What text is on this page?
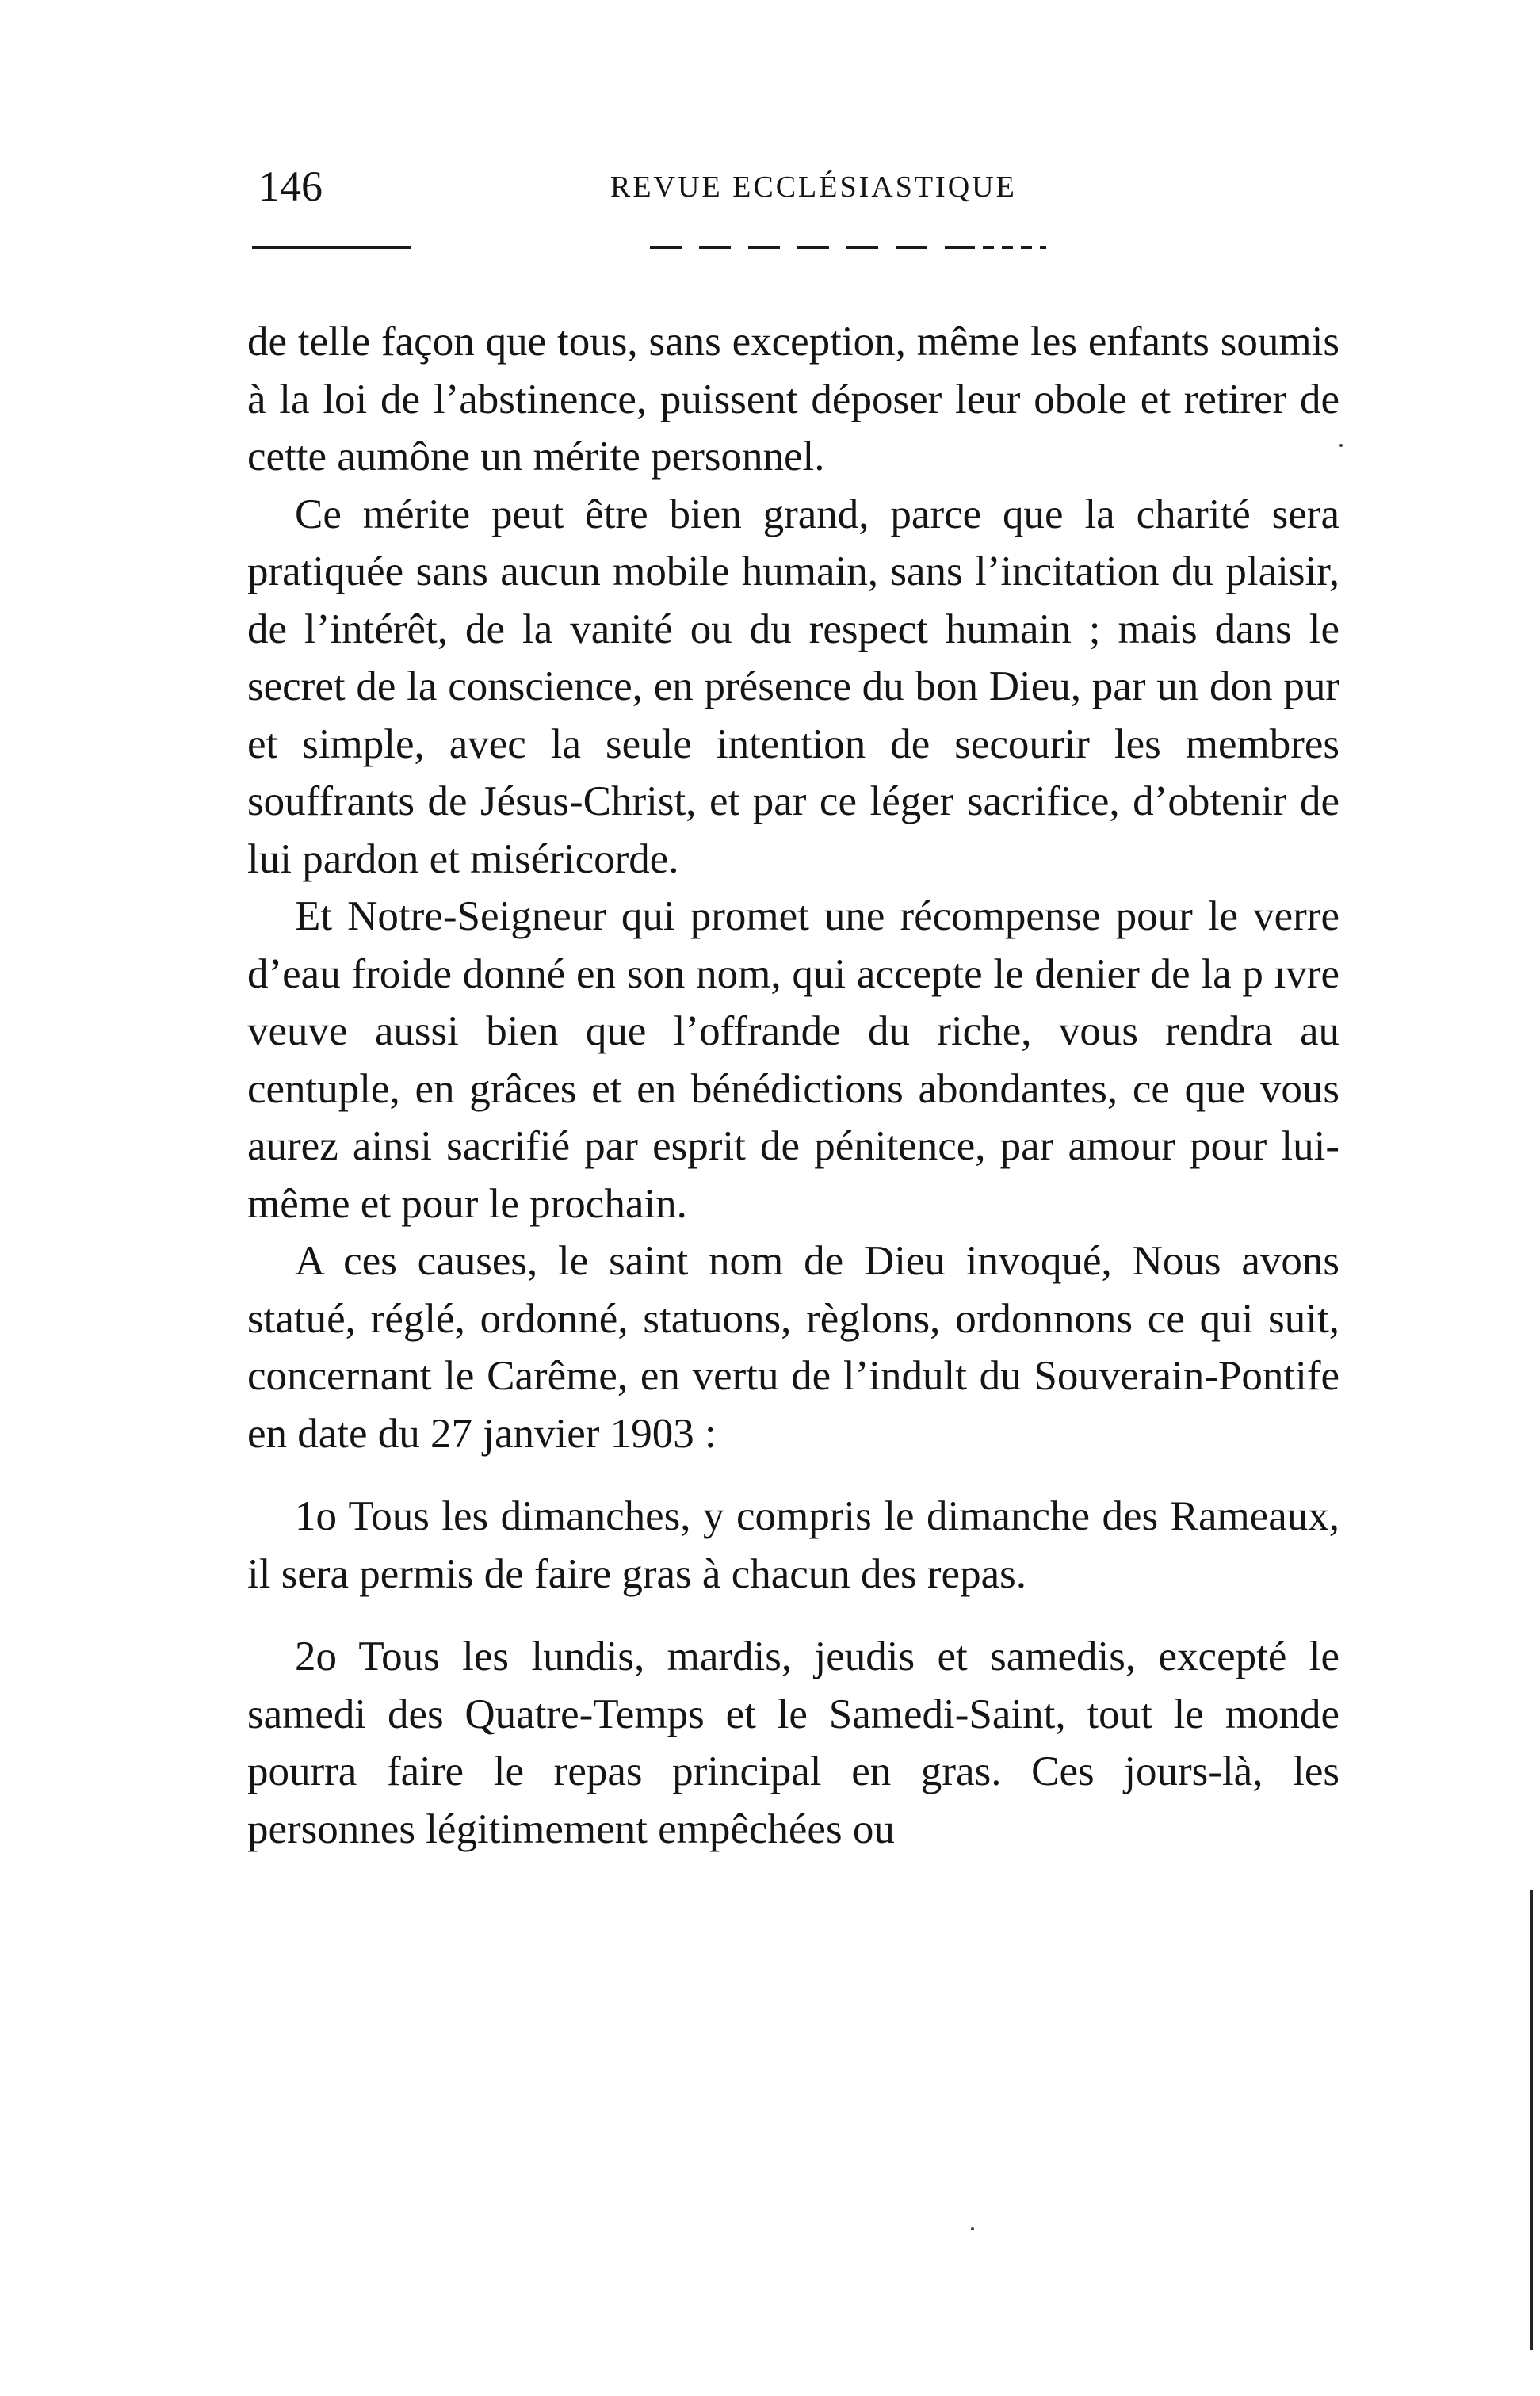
146	REVUE ECCLÉSIASTIQUE

de telle façon que tous, sans exception, même les enfants soumis à la loi de l’abstinence, puissent déposer leur obole et retirer de cette aumône un mérite personnel.

Ce mérite peut être bien grand, parce que la charité sera pratiquée sans aucun mobile humain, sans l’incitation du plaisir, de l’intérêt, de la vanité ou du respect humain ; mais dans le secret de la conscience, en présence du bon Dieu, par un don pur et simple, avec la seule intention de secourir les membres souffrants de Jésus-Christ, et par ce léger sacrifice, d’obtenir de lui pardon et miséricorde.

Et Notre-Seigneur qui promet une récompense pour le verre d’eau froide donné en son nom, qui accepte le denier de la p ıvre veuve aussi bien que l’offrande du riche, vous rendra au centuple, en grâces et en bénédictions abondantes, ce que vous aurez ainsi sacrifié par esprit de pénitence, par amour pour lui-même et pour le prochain.

A ces causes, le saint nom de Dieu invoqué, Nous avons statué, réglé, ordonné, statuons, règlons, ordonnons ce qui suit, concernant le Carême, en vertu de l’indult du Souverain-Pontife en date du 27 janvier 1903 :

1o Tous les dimanches, y compris le dimanche des Rameaux, il sera permis de faire gras à chacun des repas.

2o Tous les lundis, mardis, jeudis et samedis, excepté le samedi des Quatre-Temps et le Samedi-Saint, tout le monde pourra faire le repas principal en gras. Ces jours-là, les personnes légitimement empêchées ou
